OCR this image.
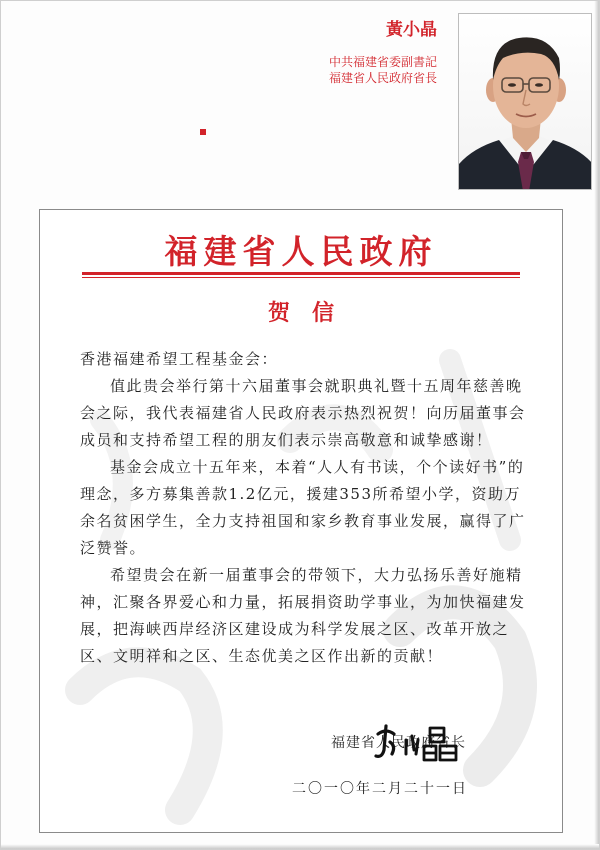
黃小晶

中共福建省委副書記

福建省人民政府省長

福建省人民政府
贺信

香港福建希望工程基金会：

值此贵会举行第十六届董事会就职典礼暨十五周年慈善晚会之际，我代表福建省人民政府表示热烈祝贺！向历届董事会成员和支持希望工程的朋友们表示崇高敬意和诚挚感谢！

基金会成立十五年来，本着“人人有书读，个个读好书”的理念，多方募集善款1.2亿元，援建353所希望小学，资助万余名贫困学生，全力支持祖国和家乡教育事业发展，赢得了广泛赞誉。

希望贵会在新一届董事会的带领下，大力弘扬乐善好施精神，汇聚各界爱心和力量，拓展捐资助学事业，为加快福建发展，把海峡西岸经济区建设成为科学发展之区、改革开放之区、文明祥和之区、生态优美之区作出新的贡献！

福建省人民政府省长

二〇一〇年二月二十一日
